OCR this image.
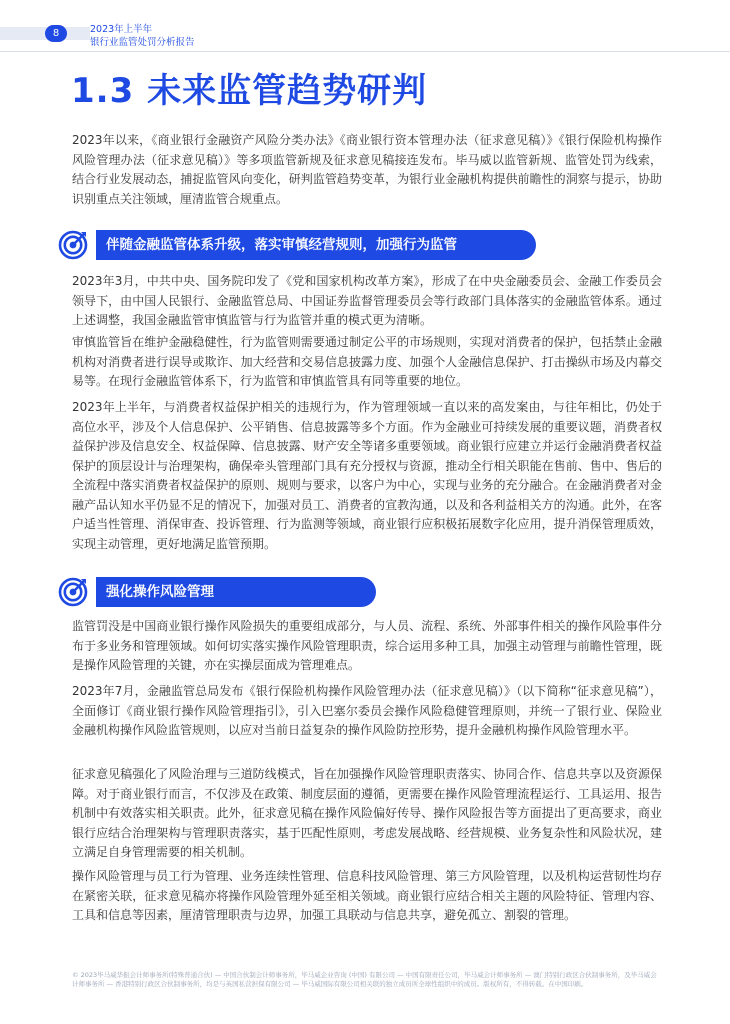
8	2023年上半年
银行业监管处罚分析报告
1.3 未来监管趋势研判

2023年以来，《商业银行金融资产风险分类办法》《商业银行资本管理办法（征求意见稿）》《银行保险机构操作风险管理办法（征求意见稿）》等多项监管新规及征求意见稿接连发布。毕马威以监管新规、监管处罚为线索，结合行业发展动态，捕捉监管风向变化，研判监管趋势变革，为银行业金融机构提供前瞻性的洞察与提示，协助识别重点关注领域，厘清监管合规重点。

伴随金融监管体系升级，落实审慎经营规则，加强行为监管

2023年3月，中共中央、国务院印发了《党和国家机构改革方案》，形成了在中央金融委员会、金融工作委员会领导下，由中国人民银行、金融监管总局、中国证券监督管理委员会等行政部门具体落实的金融监管体系。通过上述调整，我国金融监管审慎监管与行为监管并重的模式更为清晰。

审慎监管旨在维护金融稳健性，行为监管则需要通过制定公平的市场规则，实现对消费者的保护，包括禁止金融机构对消费者进行误导或欺诈、加大经营和交易信息披露力度、加强个人金融信息保护、打击操纵市场及内幕交易等。在现行金融监管体系下，行为监管和审慎监管具有同等重要的地位。

2023年上半年，与消费者权益保护相关的违规行为，作为管理领域一直以来的高发案由，与往年相比，仍处于高位水平，涉及个人信息保护、公平销售、信息披露等多个方面。作为金融业可持续发展的重要议题，消费者权益保护涉及信息安全、权益保障、信息披露、财产安全等诸多重要领域。商业银行应建立并运行金融消费者权益保护的顶层设计与治理架构，确保牵头管理部门具有充分授权与资源，推动全行相关职能在售前、售中、售后的全流程中落实消费者权益保护的原则、规则与要求，以客户为中心，实现与业务的充分融合。在金融消费者对金融产品认知水平仍显不足的情况下，加强对员工、消费者的宣教沟通，以及和各利益相关方的沟通。此外，在客户适当性管理、消保审查、投诉管理、行为监测等领域，商业银行应积极拓展数字化应用，提升消保管理质效，实现主动管理，更好地满足监管预期。

强化操作风险管理

监管罚没是中国商业银行操作风险损失的重要组成部分，与人员、流程、系统、外部事件相关的操作风险事件分布于多业务和管理领域。如何切实落实操作风险管理职责，综合运用多种工具，加强主动管理与前瞻性管理，既是操作风险管理的关键，亦在实操层面成为管理难点。

2023年7月，金融监管总局发布《银行保险机构操作风险管理办法（征求意见稿）》（以下简称“征求意见稿”），全面修订《商业银行操作风险管理指引》，引入巴塞尔委员会操作风险稳健管理原则，并统一了银行业、保险业金融机构操作风险监管规则，以应对当前日益复杂的操作风险防控形势，提升金融机构操作风险管理水平。

征求意见稿强化了风险治理与三道防线模式，旨在加强操作风险管理职责落实、协同合作、信息共享以及资源保障。对于商业银行而言，不仅涉及在政策、制度层面的遵循，更需要在操作风险管理流程运行、工具运用、报告机制中有效落实相关职责。此外，征求意见稿在操作风险偏好传导、操作风险报告等方面提出了更高要求，商业银行应结合治理架构与管理职责落实，基于匹配性原则，考虑发展战略、经营规模、业务复杂性和风险状况，建立满足自身管理需要的相关机制。

操作风险管理与员工行为管理、业务连续性管理、信息科技风险管理、第三方风险管理，以及机构运营韧性均存在紧密关联，征求意见稿亦将操作风险管理外延至相关领域。商业银行应结合相关主题的风险特征、管理内容、工具和信息等因素，厘清管理职责与边界，加强工具联动与信息共享，避免孤立、割裂的管理。

© 2023毕马威华振会计师事务所(特殊普通合伙) — 中国合伙制会计师事务所，毕马威企业咨询 (中国) 有限公司 — 中国有限责任公司，毕马威会计师事务所 — 澳门特别行政区合伙制事务所，及毕马威会计师事务所 — 香港特别行政区合伙制事务所，均是与英国私营担保有限公司 — 毕马威国际有限公司相关联的独立成员所全球性组织中的成员。版权所有，不得转载。在中国印刷。
